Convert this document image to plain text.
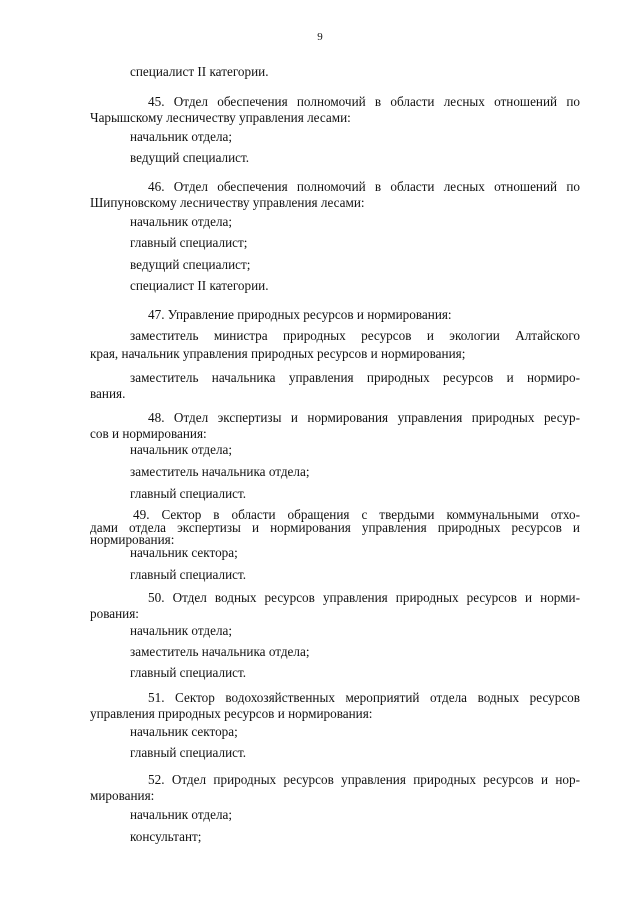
9
специалист II категории.
45. Отдел обеспечения полномочий в области лесных отношений по
Чарышскому лесничеству управления лесами:
начальник отдела;
ведущий специалист.
46. Отдел обеспечения полномочий в области лесных отношений по
Шипуновскому лесничеству управления лесами:
начальник отдела;
главный специалист;
ведущий специалист;
специалист II категории.
47. Управление природных ресурсов и нормирования:
заместитель министра природных ресурсов и экологии Алтайского
края, начальник управления природных ресурсов и нормирования;
заместитель начальника управления природных ресурсов и нормиро-
вания.
48. Отдел экспертизы и нормирования управления природных ресур-
сов и нормирования:
начальник отдела;
заместитель начальника отдела;
главный специалист.
49. Сектор в области обращения с твердыми коммунальными отхо-
дами отдела экспертизы и нормирования управления природных ресурсов и
нормирования:
начальник сектора;
главный специалист.
50. Отдел водных ресурсов управления природных ресурсов и норми-
рования:
начальник отдела;
заместитель начальника отдела;
главный специалист.
51. Сектор водохозяйственных мероприятий отдела водных ресурсов
управления природных ресурсов и нормирования:
начальник сектора;
главный специалист.
52. Отдел природных ресурсов управления природных ресурсов и нор-
мирования:
начальник отдела;
консультант;
